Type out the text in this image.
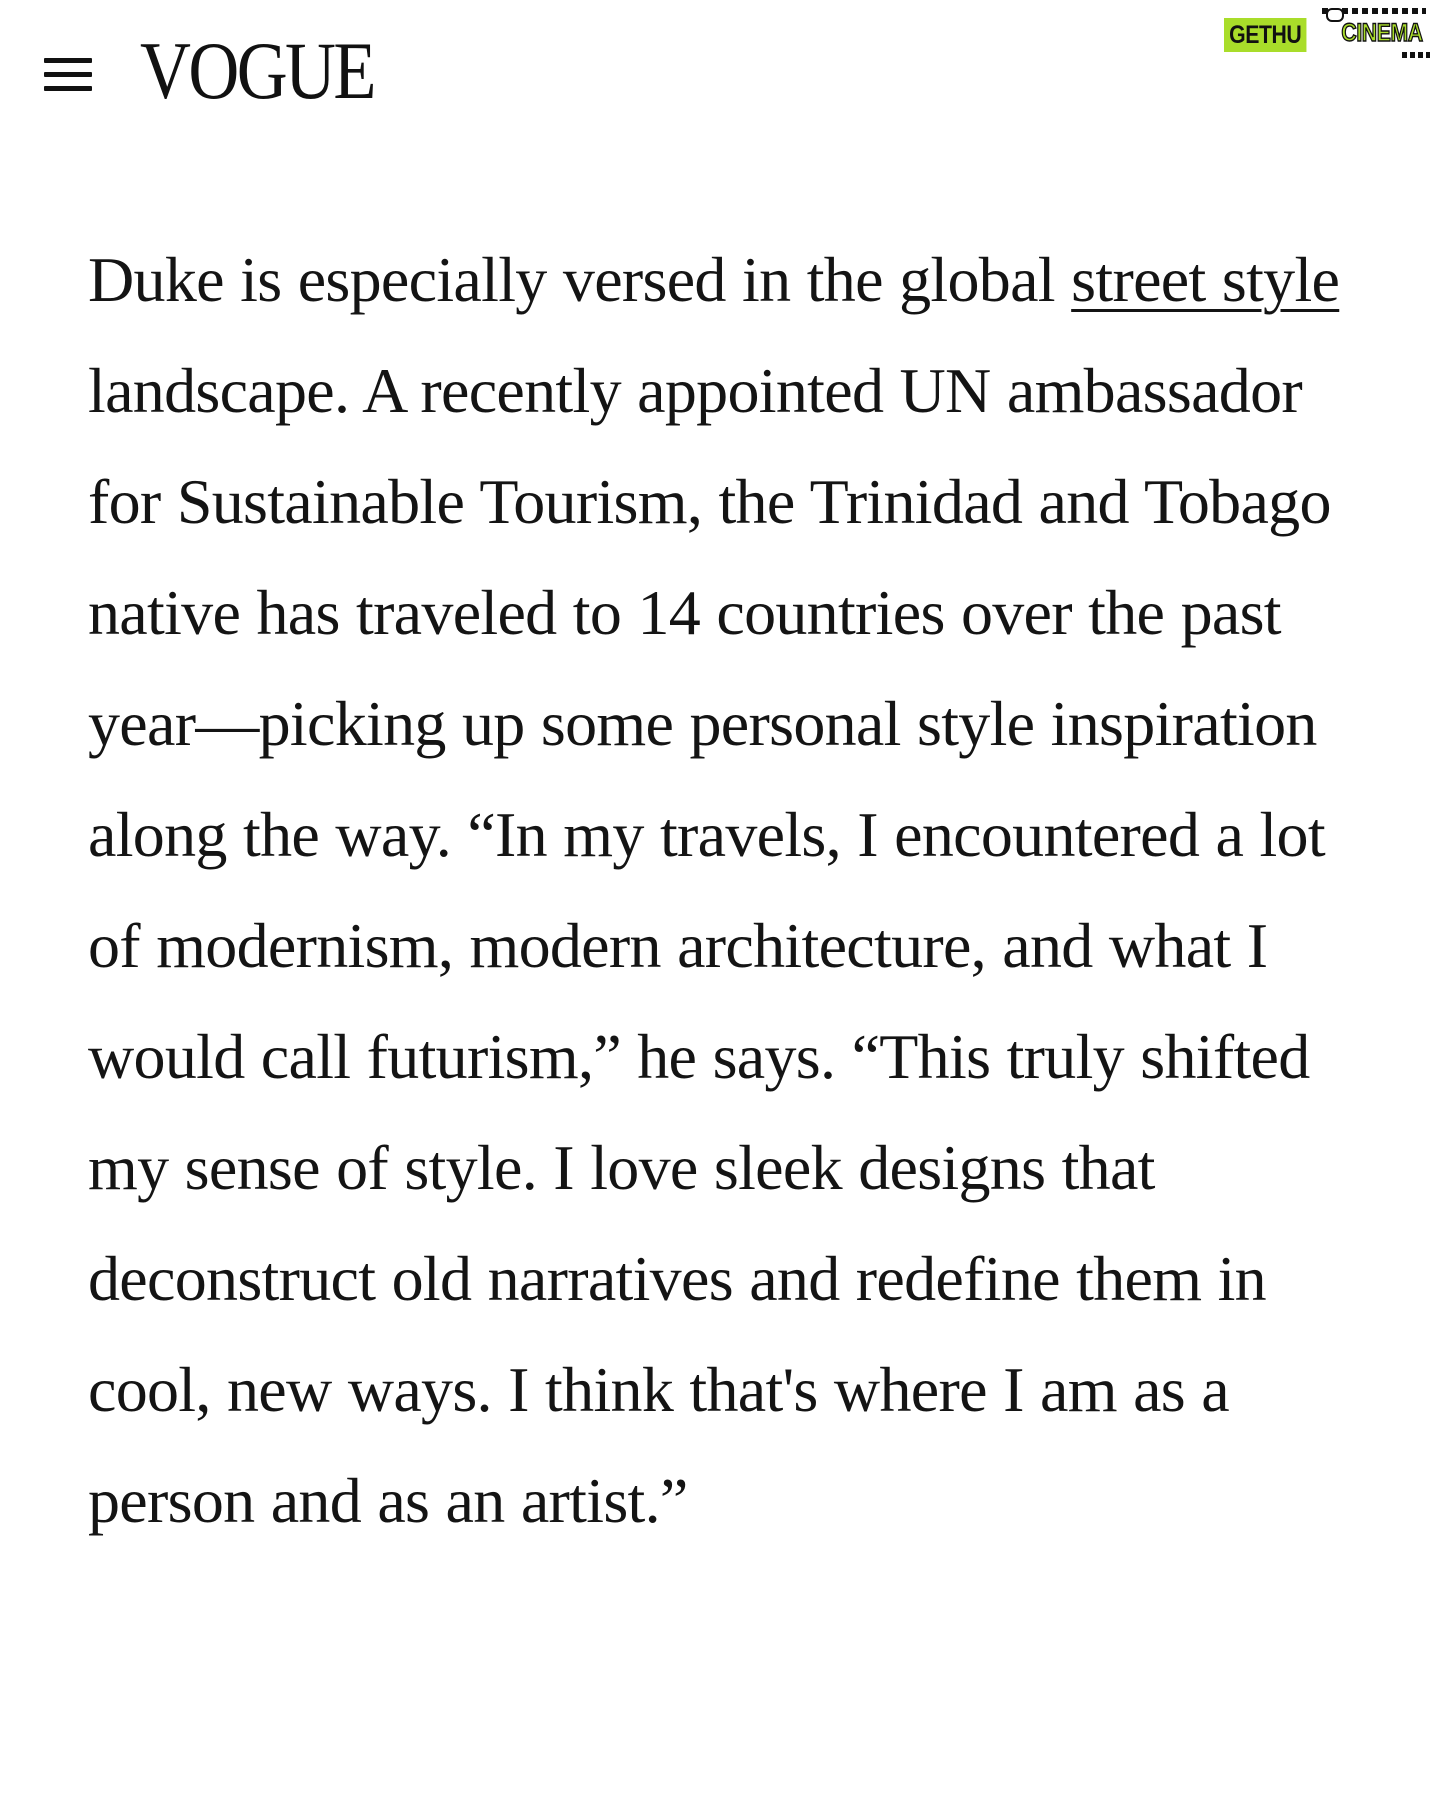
VOGUE	GETHU CINEMA

Duke is especially versed in the global street style landscape. A recently appointed UN ambassador for Sustainable Tourism, the Trinidad and Tobago native has traveled to 14 countries over the past year—picking up some personal style inspiration along the way. “In my travels, I encountered a lot of modernism, modern architecture, and what I would call futurism,” he says. “This truly shifted my sense of style. I love sleek designs that deconstruct old narratives and redefine them in cool, new ways. I think that's where I am as a person and as an artist.”
